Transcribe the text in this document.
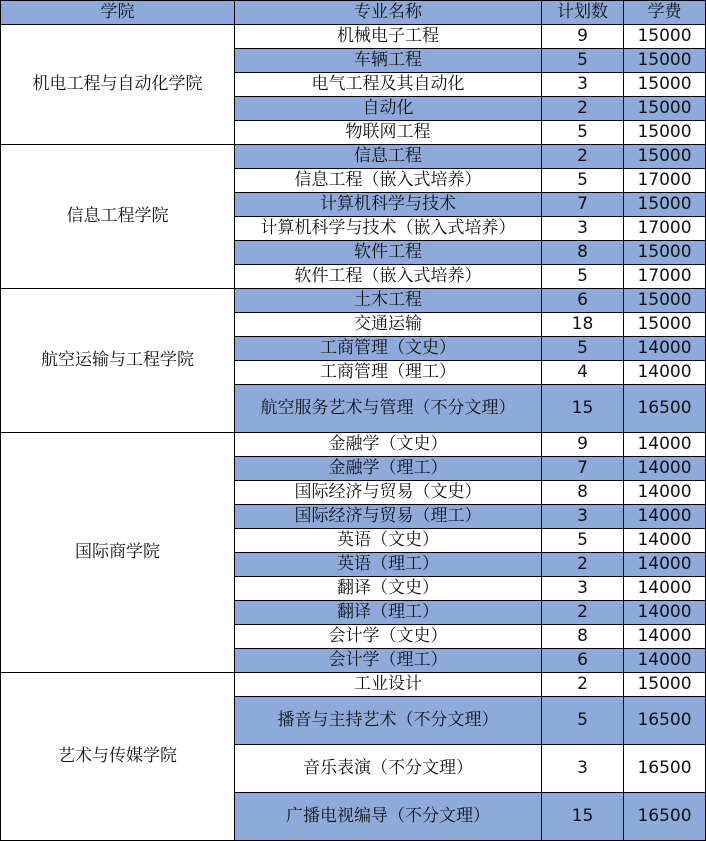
学院	专业名称	计划数	学费
机电工程与自动化学院	机械电子工程	9	15000
	车辆工程	5	15000
	电气工程及其自动化	3	15000
	自动化	2	15000
	物联网工程	5	15000
信息工程学院	信息工程	2	15000
	信息工程（嵌入式培养）	5	17000
	计算机科学与技术	7	15000
	计算机科学与技术（嵌入式培养）	3	17000
	软件工程	8	15000
	软件工程（嵌入式培养）	5	17000
航空运输与工程学院	土木工程	6	15000
	交通运输	18	15000
	工商管理（文史）	5	14000
	工商管理（理工）	4	14000
	航空服务艺术与管理（不分文理）	15	16500
国际商学院	金融学（文史）	9	14000
	金融学（理工）	7	14000
	国际经济与贸易（文史）	8	14000
	国际经济与贸易（理工）	3	14000
	英语（文史）	5	14000
	英语（理工）	2	14000
	翻译（文史）	3	14000
	翻译（理工）	2	14000
	会计学（文史）	8	14000
	会计学（理工）	6	14000
艺术与传媒学院	工业设计	2	15000
	播音与主持艺术（不分文理）	5	16500
	音乐表演（不分文理）	3	16500
	广播电视编导（不分文理）	15	16500
